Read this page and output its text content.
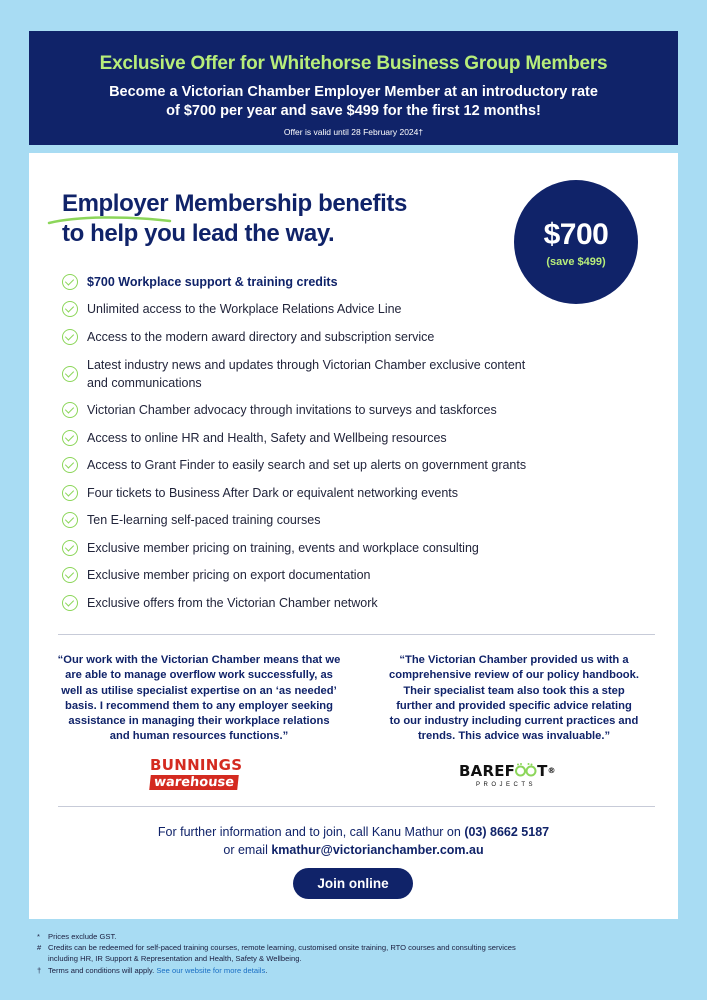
Exclusive Offer for Whitehorse Business Group Members
Become a Victorian Chamber Employer Member at an introductory rate
of $700 per year and save $499 for the first 12 months!
Offer is valid until 28 February 2024†
Employer Membership benefits
to help you lead the way.	$700
(save $499)
$700 Workplace support & training credits
Unlimited access to the Workplace Relations Advice Line
Access to the modern award directory and subscription service
Latest industry news and updates through Victorian Chamber exclusive content
and communications
Victorian Chamber advocacy through invitations to surveys and taskforces
Access to online HR and Health, Safety and Wellbeing resources
Access to Grant Finder to easily search and set up alerts on government grants
Four tickets to Business After Dark or equivalent networking events
Ten E-learning self-paced training courses
Exclusive member pricing on training, events and workplace consulting
Exclusive member pricing on export documentation
Exclusive offers from the Victorian Chamber network
“Our work with the Victorian Chamber means that we
are able to manage overflow work successfully, as
well as utilise specialist expertise on an ‘as needed’
basis. I recommend them to any employer seeking
assistance in managing their workplace relations
and human resources functions.”
“The Victorian Chamber provided us with a
comprehensive review of our policy handbook.
Their specialist team also took this a step
further and provided specific advice relating
to our industry including current practices and
trends. This advice was invaluable.”
BUNNINGS
warehouse
BAREF T®
PROJECTS
For further information and to join, call Kanu Mathur on (03) 8662 5187
or email kmathur@victorianchamber.com.au
Join online
*	Prices exclude GST.
# Credits can be redeemed for self-paced training courses, remote learning, customised onsite training, RTO courses and consulting services
including HR, IR Support & Representation and Health, Safety & Wellbeing.
† Terms and conditions will apply. See our website for more details.
